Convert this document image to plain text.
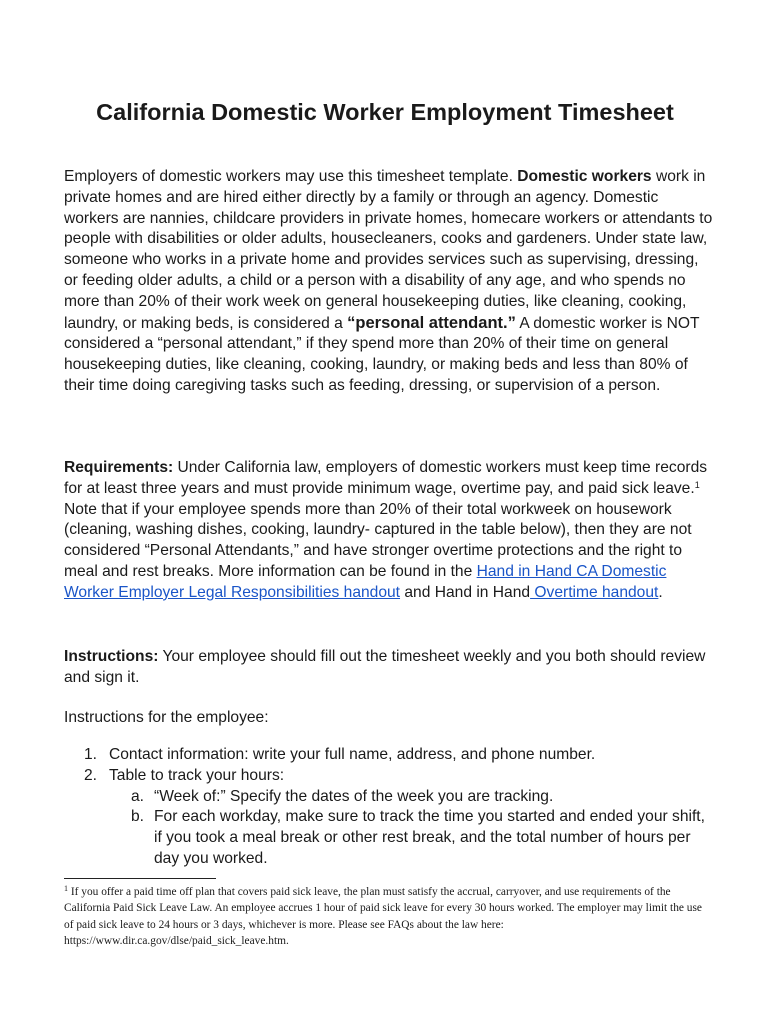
California Domestic Worker Employment Timesheet

Employers of domestic workers may use this timesheet template. Domestic workers work in private homes and are hired either directly by a family or through an agency. Domestic workers are nannies, childcare providers in private homes, homecare workers or attendants to people with disabilities or older adults, housecleaners, cooks and gardeners. Under state law, someone who works in a private home and provides services such as supervising, dressing, or feeding older adults, a child or a person with a disability of any age, and who spends no more than 20% of their work week on general housekeeping duties, like cleaning, cooking, laundry, or making beds, is considered a “personal attendant.” A domestic worker is NOT considered a “personal attendant,” if they spend more than 20% of their time on general housekeeping duties, like cleaning, cooking, laundry, or making beds and less than 80% of their time doing caregiving tasks such as feeding, dressing, or supervision of a person.

Requirements: Under California law, employers of domestic workers must keep time records for at least three years and must provide minimum wage, overtime pay, and paid sick leave.$^1$ Note that if your employee spends more than 20% of their total workweek on housework (cleaning, washing dishes, cooking, laundry- captured in the table below), then they are not considered “Personal Attendants,” and have stronger overtime protections and the right to meal and rest breaks. More information can be found in the Hand in Hand CA Domestic Worker Employer Legal Responsibilities handout and Hand in Hand Overtime handout.

Instructions: Your employee should fill out the timesheet weekly and you both should review and sign it.

Instructions for the employee:
1. Contact information: write your full name, address, and phone number.
2. Table to track your hours:
a. “Week of:” Specify the dates of the week you are tracking.
b. For each workday, make sure to track the time you started and ended your shift, if you took a meal break or other rest break, and the total number of hours per day you worked.
$^1$ If you offer a paid time off plan that covers paid sick leave, the plan must satisfy the accrual, carryover, and use requirements of the California Paid Sick Leave Law. An employee accrues 1 hour of paid sick leave for every 30 hours worked. The employer may limit the use of paid sick leave to 24 hours or 3 days, whichever is more. Please see FAQs about the law here: https://www.dir.ca.gov/dlse/paid_sick_leave.htm.
